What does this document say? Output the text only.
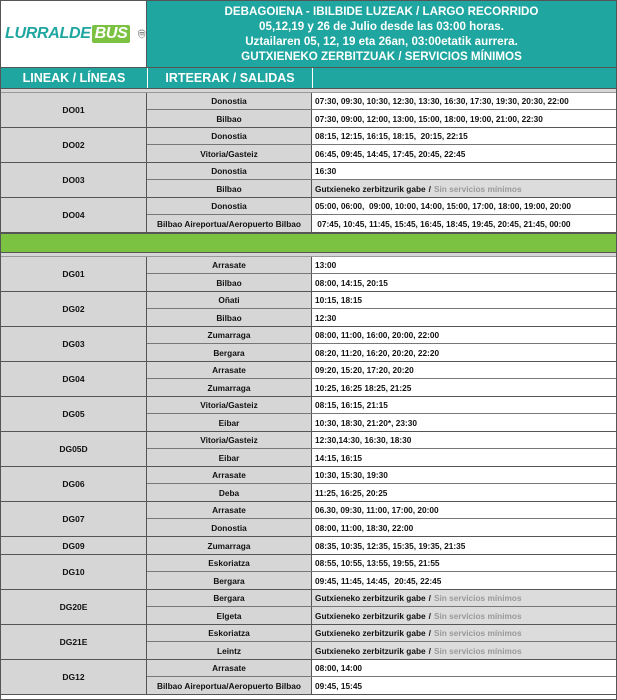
LURRALDE BUS
DEBAGOIENA - IBILBIDE LUZEAK / LARGO RECORRIDO
05,12,19 y 26 de Julio desde las 03:00 horas.
Uztailaren 05, 12, 19 eta 26an, 03:00etatik aurrera.
GUTXIENEKO ZERBITZUAK / SERVICIOS MÍNIMOS
LINEAK / LÍNEAS	IRTEERAK / SALIDAS
DO01
Donostia	07:30, 09:30, 10:30, 12:30, 13:30, 16:30, 17:30, 19:30, 20:30, 22:00
Bilbao	07:30, 09:00, 12:00, 13:00, 15:00, 18:00, 19:00, 21:00, 22:30
DO02
Donostia	08:15, 12:15, 16:15, 18:15,  20:15, 22:15
Vitoria/Gasteiz	06:45, 09:45, 14:45, 17:45, 20:45, 22:45
DO03
Donostia	16:30
Bilbao	Gutxieneko zerbitzurik gabe / Sin servicios mínimos
DO04
Donostia	05:00, 06:00,  09:00, 10:00, 14:00, 15:00, 17:00, 18:00, 19:00, 20:00
Bilbao Aireportua/Aeropuerto Bilbao	07:45, 10:45, 11:45, 15:45, 16:45, 18:45, 19:45, 20:45, 21:45, 00:00
DG01
Arrasate	13:00
Bilbao	08:00, 14:15, 20:15
DG02
Oñati	10:15, 18:15
Bilbao	12:30
DG03
Zumarraga	08:00, 11:00, 16:00, 20:00, 22:00
Bergara	08:20, 11:20, 16:20, 20:20, 22:20
DG04
Arrasate	09:20, 15:20, 17:20, 20:20
Zumarraga	10:25, 16:25 18:25, 21:25
DG05
Vitoria/Gasteiz	08:15, 16:15, 21:15
Eibar	10:30, 18:30, 21:20*, 23:30
DG05D
Vitoria/Gasteiz	12:30,14:30, 16:30, 18:30
Eibar	14:15, 16:15
DG06
Arrasate	10:30, 15:30, 19:30
Deba	11:25, 16:25, 20:25
DG07
Arrasate	06.30, 09:30, 11:00, 17:00, 20:00
Donostia	08:00, 11:00, 18:30, 22:00
DG09	Zumarraga	08:35, 10:35, 12:35, 15:35, 19:35, 21:35
DG10
Eskoriatza	08:55, 10:55, 13:55, 19:55, 21:55
Bergara	09:45, 11:45, 14:45,  20:45, 22:45
DG20E
Bergara	Gutxieneko zerbitzurik gabe / Sin servicios mínimos
Elgeta	Gutxieneko zerbitzurik gabe / Sin servicios mínimos
DG21E
Eskoriatza	Gutxieneko zerbitzurik gabe / Sin servicios mínimos
Leintz	Gutxieneko zerbitzurik gabe / Sin servicios mínimos
DG12
Arrasate	08:00, 14:00
Bilbao Aireportua/Aeropuerto Bilbao	09:45, 15:45
